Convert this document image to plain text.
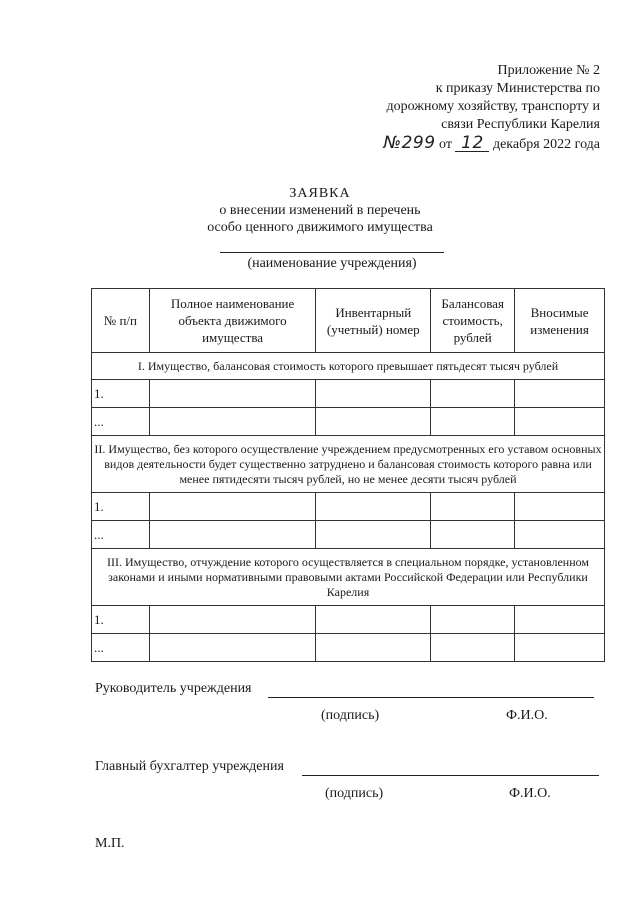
Приложение № 2
к приказу Министерства по
дорожному хозяйству, транспорту и
связи Республики Карелия
№299 от 12 декабря 2022 года
ЗАЯВКА
о внесении изменений в перечень
особо ценного движимого имущества
(наименование учреждения)
№ п/п	Полное наименование объекта движимого имущества	Инвентарный (учетный) номер	Балансовая стоимость, рублей	Вносимые изменения
I. Имущество, балансовая стоимость которого превышает пятьдесят тысяч рублей				
1.				
...				
II. Имущество, без которого осуществление учреждением предусмотренных его уставом основных видов деятельности будет существенно затруднено и балансовая стоимость которого равна или менее пятидесяти тысяч рублей, но не менее десяти тысяч рублей				
1.				
...				
III. Имущество, отчуждение которого осуществляется в специальном порядке, установленном законами и иными нормативными правовыми актами Российской Федерации или Республики Карелия				
1.				
...				
Руководитель учреждения
(подпись)	Ф.И.О.
Главный бухгалтер учреждения
(подпись)	Ф.И.О.
М.П.
